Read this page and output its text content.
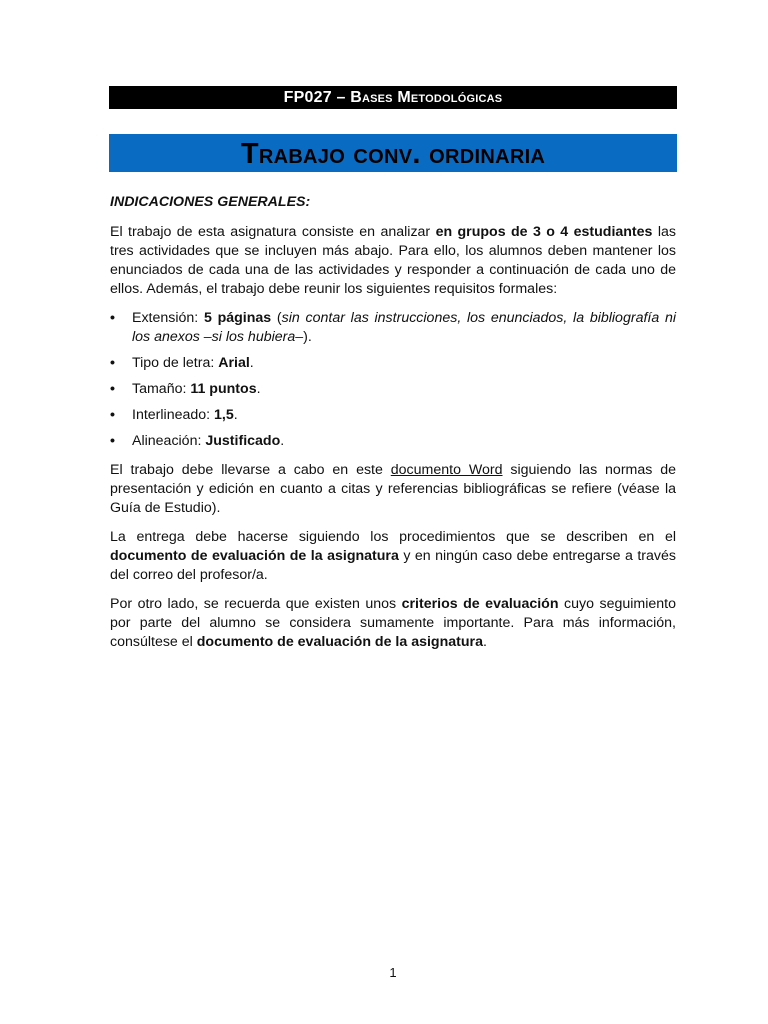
FP027 – Bases Metodológicas
Trabajo conv. ordinaria
INDICACIONES GENERALES:

El trabajo de esta asignatura consiste en analizar en grupos de 3 o 4 estudiantes las tres actividades que se incluyen más abajo. Para ello, los alumnos deben mantener los enunciados de cada una de las actividades y responder a continuación de cada uno de ellos. Además, el trabajo debe reunir los siguientes requisitos formales:

• Extensión: 5 páginas (sin contar las instrucciones, los enunciados, la bibliografía ni los anexos –si los hubiera–).
• Tipo de letra: Arial.
• Tamaño: 11 puntos.
• Interlineado: 1,5.
• Alineación: Justificado.

El trabajo debe llevarse a cabo en este documento Word siguiendo las normas de presentación y edición en cuanto a citas y referencias bibliográficas se refiere (véase la Guía de Estudio).

La entrega debe hacerse siguiendo los procedimientos que se describen en el documento de evaluación de la asignatura y en ningún caso debe entregarse a través del correo del profesor/a.

Por otro lado, se recuerda que existen unos criterios de evaluación cuyo seguimiento por parte del alumno se considera sumamente importante. Para más información, consúltese el documento de evaluación de la asignatura.

1
